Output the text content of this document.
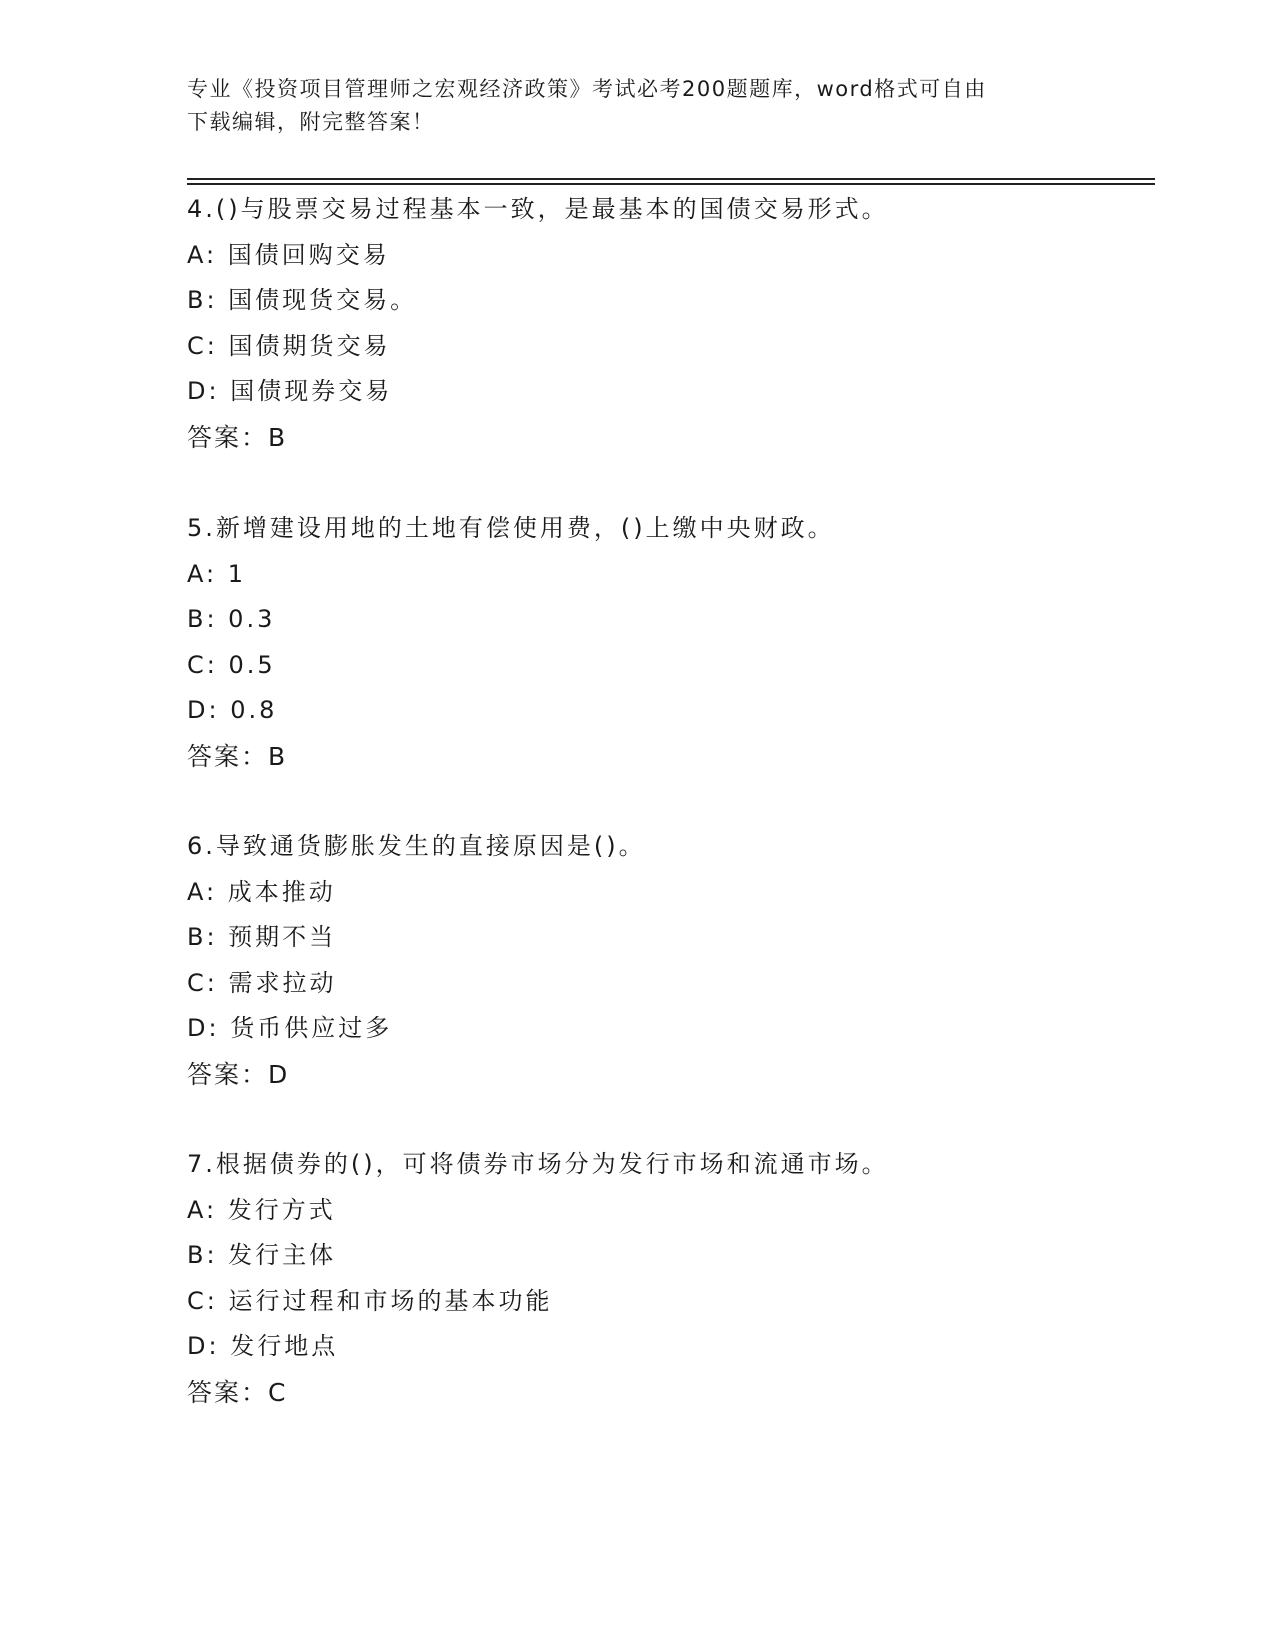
专业《投资项目管理师之宏观经济政策》考试必考200题题库，word格式可自由
下载编辑，附完整答案！
4.()与股票交易过程基本一致，是最基本的国债交易形式。
A: 国债回购交易
B: 国债现货交易。
C: 国债期货交易
D: 国债现券交易
答案：B
5.新增建设用地的土地有偿使用费，()上缴中央财政。
A: 1
B: 0.3
C: 0.5
D: 0.8
答案：B
6.导致通货膨胀发生的直接原因是()。
A: 成本推动
B: 预期不当
C: 需求拉动
D: 货币供应过多
答案：D
7.根据债券的()，可将债券市场分为发行市场和流通市场。
A: 发行方式
B: 发行主体
C: 运行过程和市场的基本功能
D: 发行地点
答案：C
